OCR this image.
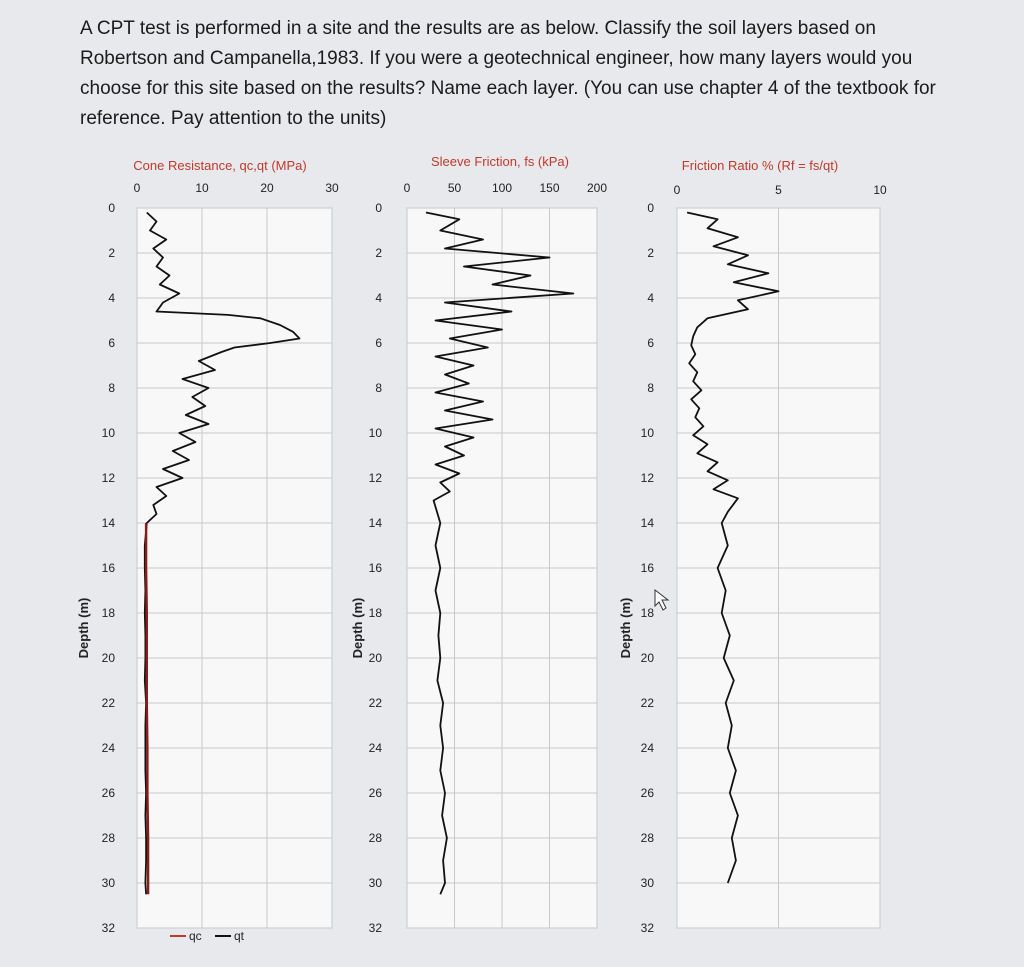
A CPT test is performed in a site and the results are as below. Classify the soil layers based on Robertson and Campanella,1983. If you were a geotechnical engineer, how many layers would you choose for this site based on the results? Name each layer. (You can use chapter 4 of the textbook for reference. Pay attention to the units)

Cone Resistance, qc,qt (MPa)
0	10	20	30
0
2
4
6
8
10
12
14
16
18
20
22
24
26
28
30
32
Depth (m)
qc	qt
Sleeve Friction, fs (kPa)
0	50	100 150 200
0
2
4
6
8
10
12
14
16
18
20
22
24
26
28
30
32
Depth (m)
Friction Ratio % (Rf = fs/qt)
0	5	10
0
2
4
6
8
10
12
14
16
18
20
22
24
26
28
30
32
Depth (m)
